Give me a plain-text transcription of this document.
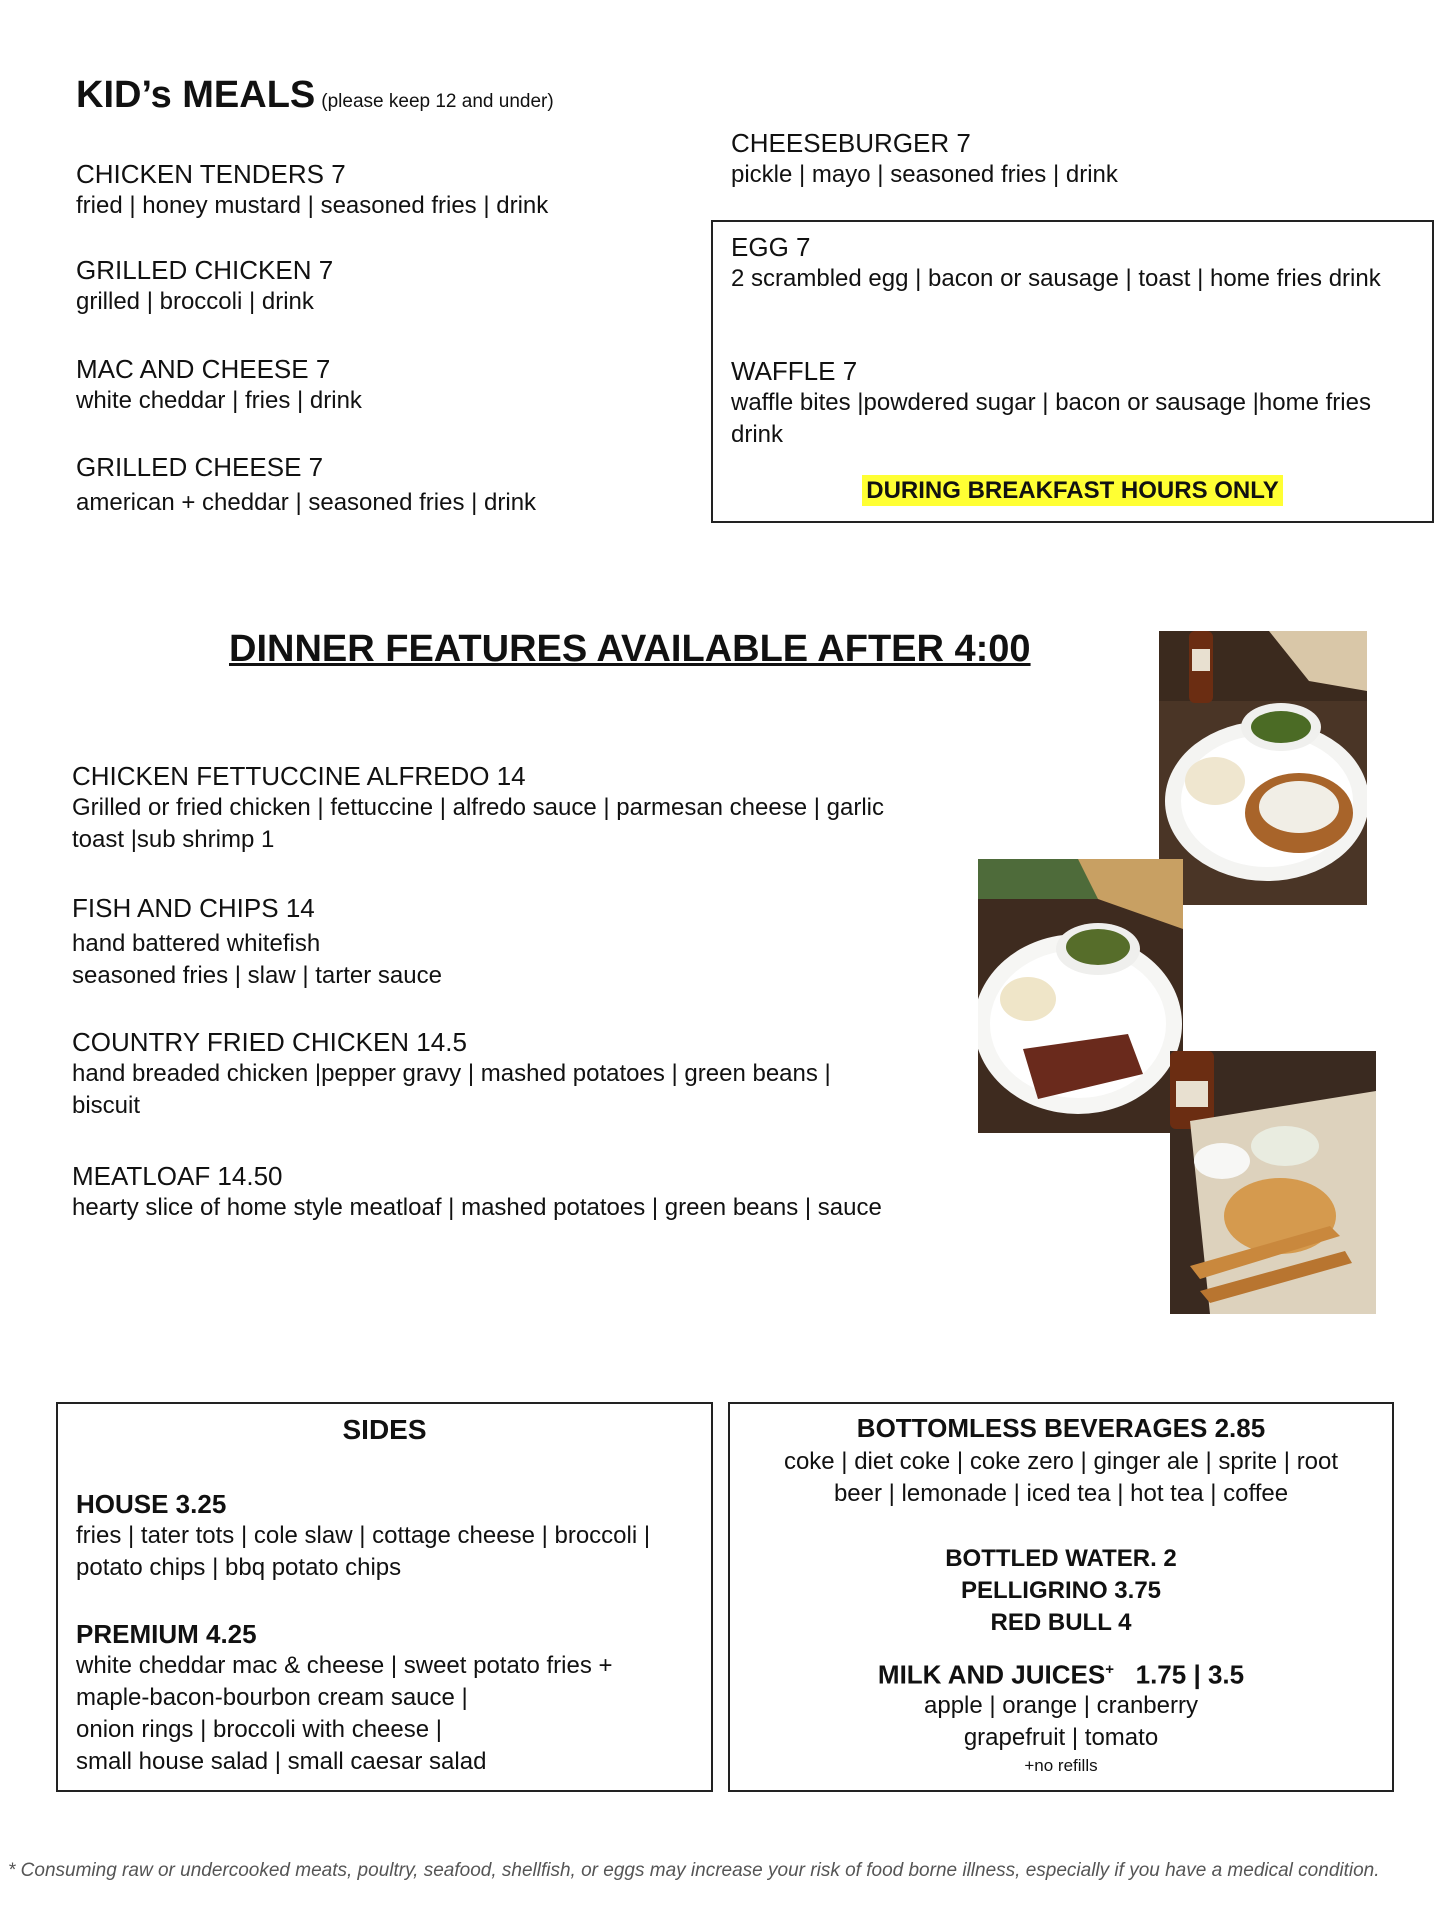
KID’s MEALS (please keep 12 and under)
CHICKEN TENDERS 7
fried | honey mustard | seasoned fries | drink
GRILLED CHICKEN 7
grilled | broccoli | drink
MAC AND CHEESE 7
white cheddar | fries | drink
GRILLED CHEESE 7
american + cheddar | seasoned fries | drink
CHEESEBURGER 7
pickle | mayo | seasoned fries | drink
EGG 7
2 scrambled egg | bacon or sausage | toast | home fries drink
WAFFLE 7
waffle bites |powdered sugar | bacon or sausage |home fries drink
DURING BREAKFAST HOURS ONLY
DINNER FEATURES AVAILABLE AFTER 4:00
CHICKEN FETTUCCINE ALFREDO 14
Grilled or fried chicken | fettuccine | alfredo sauce | parmesan cheese | garlic toast |sub shrimp 1
FISH AND CHIPS 14
hand battered whitefish
seasoned fries | slaw | tarter sauce
COUNTRY FRIED CHICKEN 14.5
hand breaded chicken |pepper gravy | mashed potatoes | green beans | biscuit
MEATLOAF 14.50
hearty slice of home style meatloaf | mashed potatoes | green beans | sauce
SIDES
HOUSE 3.25
fries | tater tots | cole slaw | cottage cheese | broccoli | potato chips | bbq potato chips
PREMIUM 4.25
white cheddar mac & cheese | sweet potato fries +
maple-bacon-bourbon cream sauce |
onion rings | broccoli with cheese |
small house salad | small caesar salad
BOTTOMLESS BEVERAGES 2.85
coke | diet coke | coke zero | ginger ale | sprite | root
beer | lemonade | iced tea | hot tea | coffee
BOTTLED WATER. 2
PELLIGRINO 3.75
RED BULL 4
MILK AND JUICES+   1.75 | 3.5
apple | orange | cranberry
grapefruit | tomato
+no refills
* Consuming raw or undercooked meats, poultry, seafood, shellfish, or eggs may increase your risk of food borne illness, especially if you have a medical condition.
